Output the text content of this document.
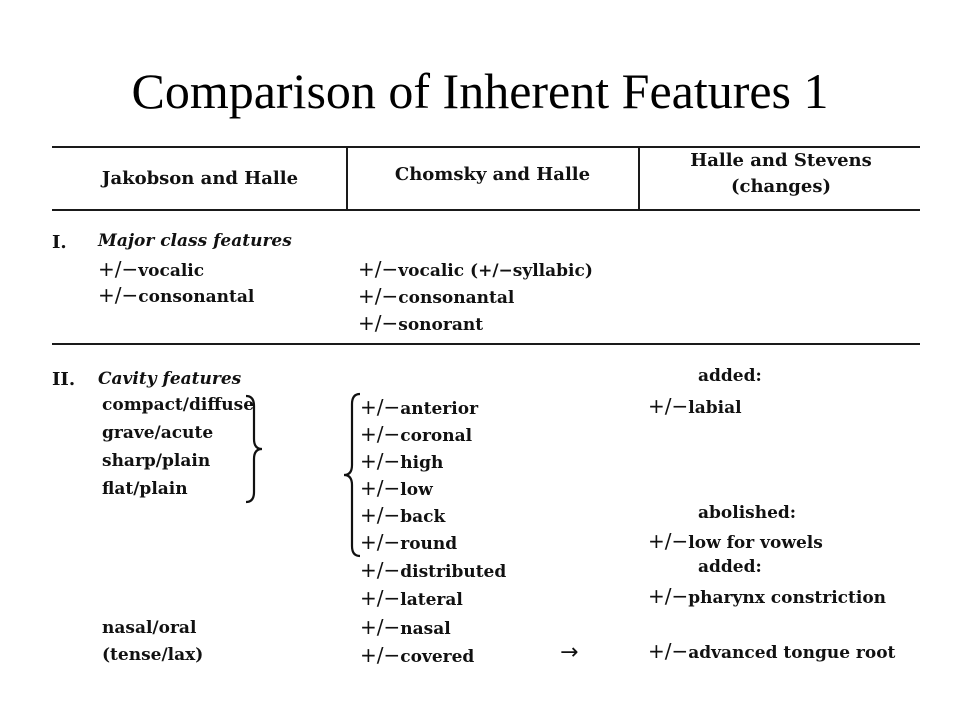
Comparison of Inherent Features 1
Jakobson and Halle	Chomsky and Halle
Halle and Stevens
(changes)
I. Major class features
+/−vocalic
+/−consonantal
+/−vocalic (+/−syllabic)
+/−consonantal
+/−sonorant
II. Cavity features
compact/diffuse
grave/acute
sharp/plain
flat/plain
nasal/oral
(tense/lax)
+/−anterior
+/−coronal
+/−high
+/−low
+/−back
+/−round
+/−distributed
+/−lateral
+/−nasal
+/−covered	→
added:
+/−labial
abolished:
+/−low for vowels
added:
+/−pharynx constriction
+/−advanced tongue root
